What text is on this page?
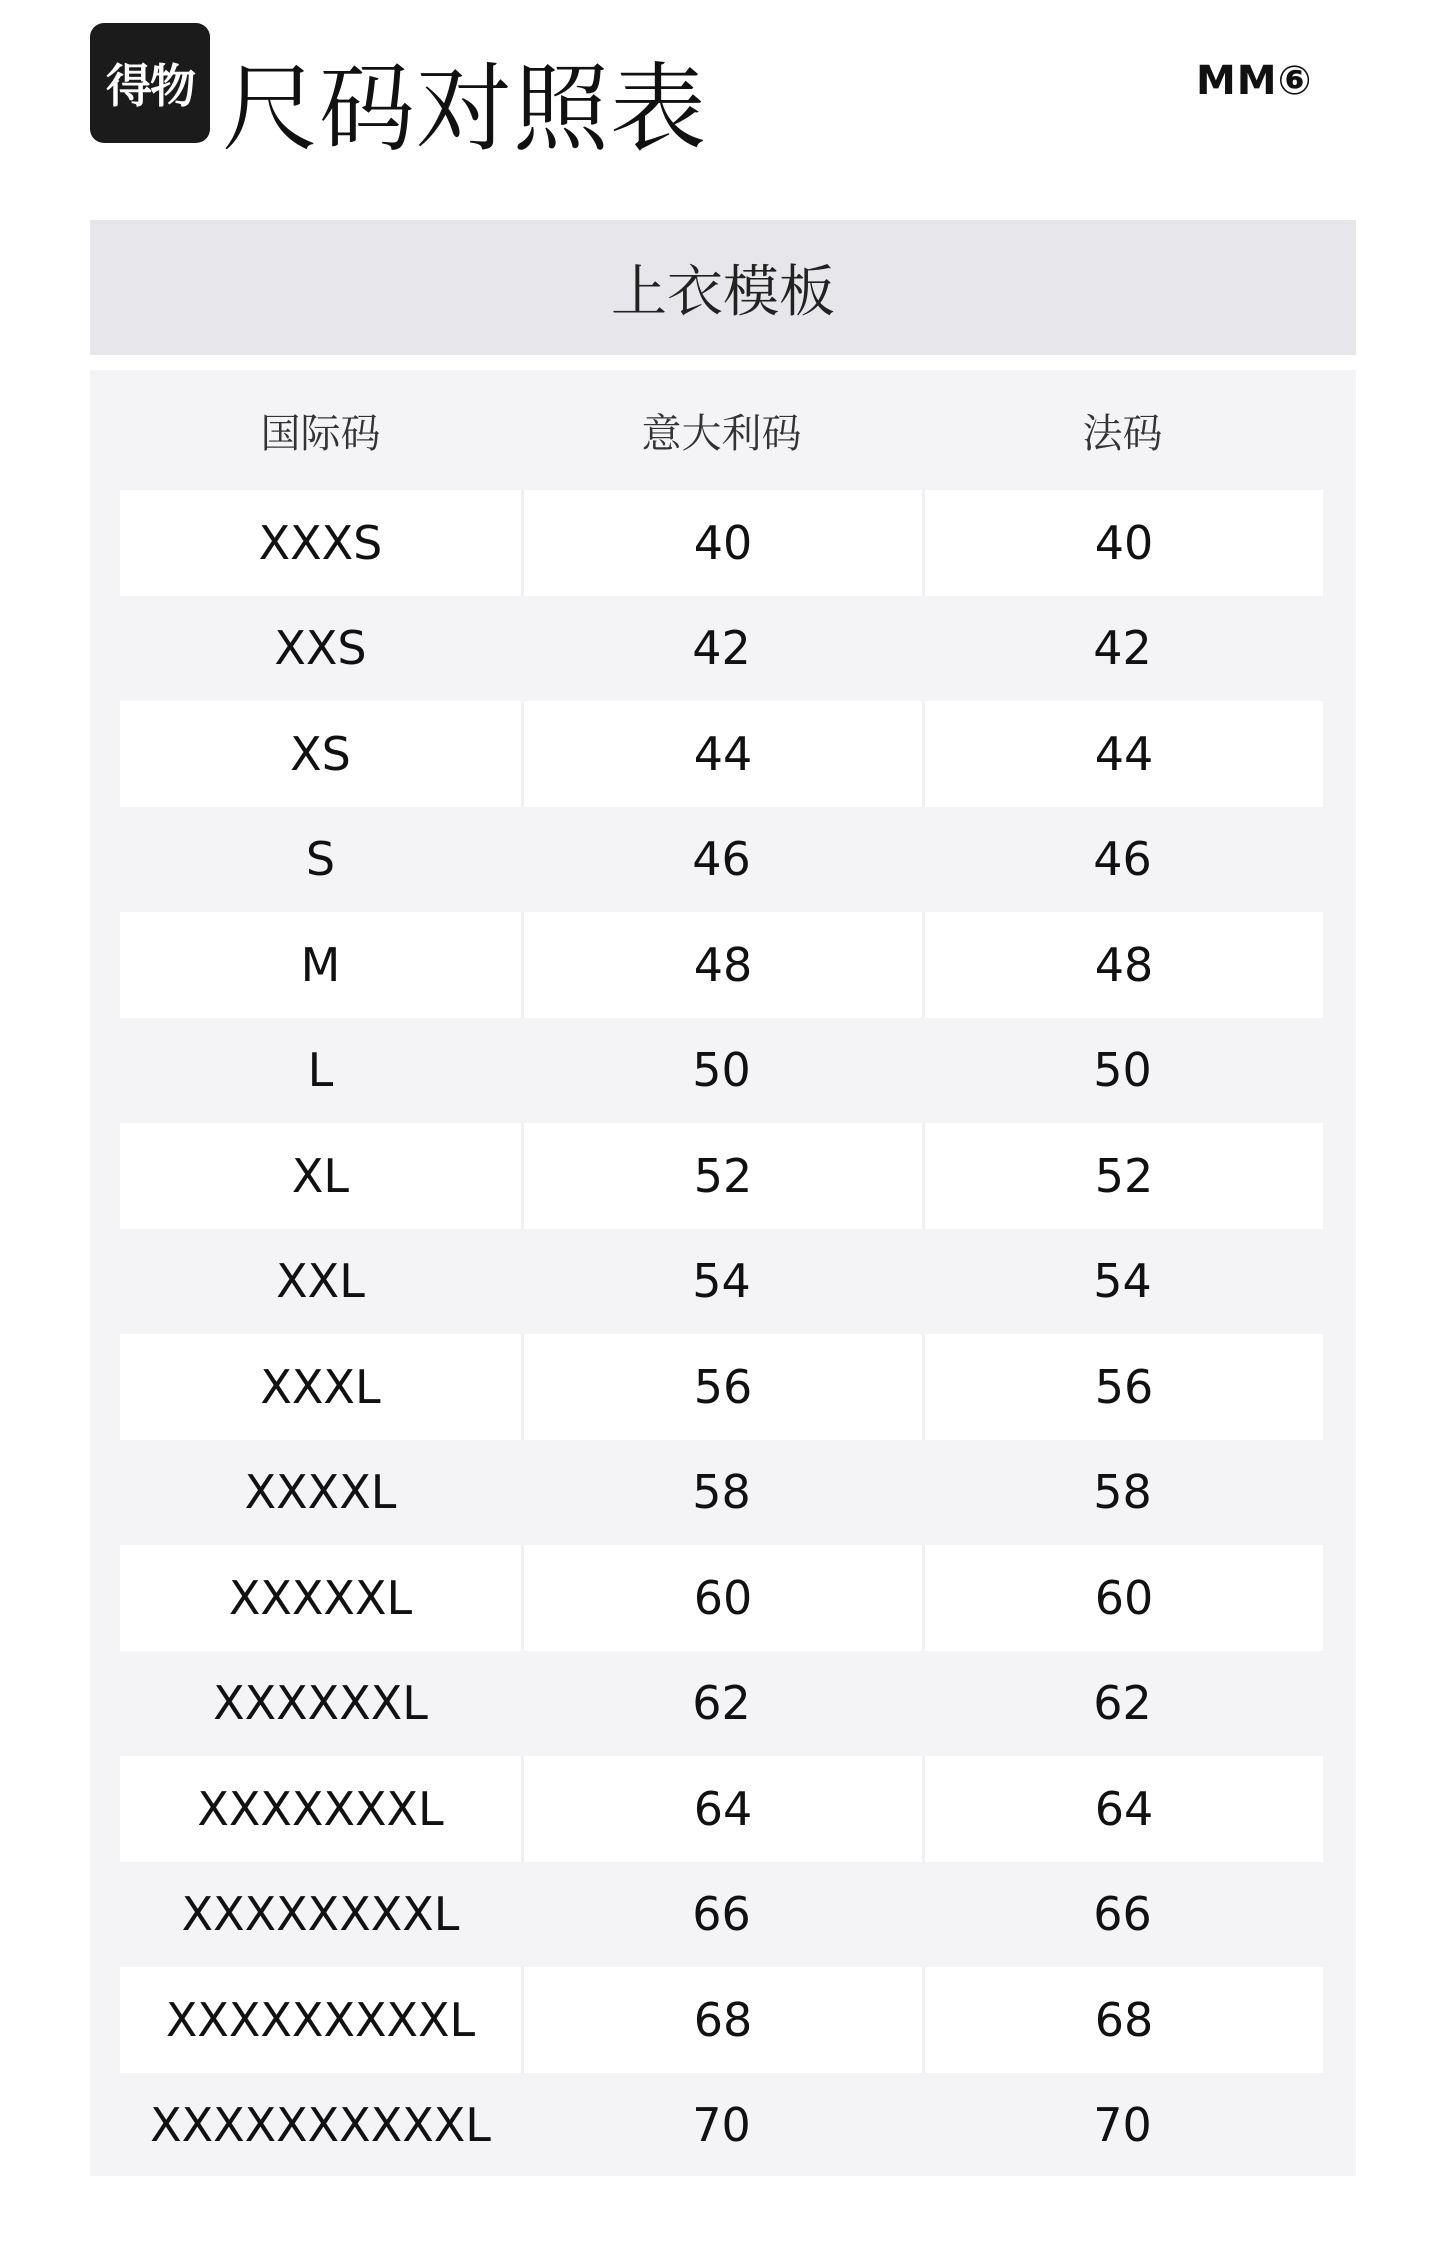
得物 尺码对照表	MM⑥
上衣模板
国际码	意大利码	法码
XXXS	40	40
XXS	42	42
XS	44	44
S	46	46
M	48	48
L	50	50
XL	52	52
XXL	54	54
XXXL	56	56
XXXXL	58	58
XXXXXL	60	60
XXXXXXL	62	62
XXXXXXXL	64	64
XXXXXXXXL	66	66
XXXXXXXXXL	68	68
XXXXXXXXXXL	70	70
